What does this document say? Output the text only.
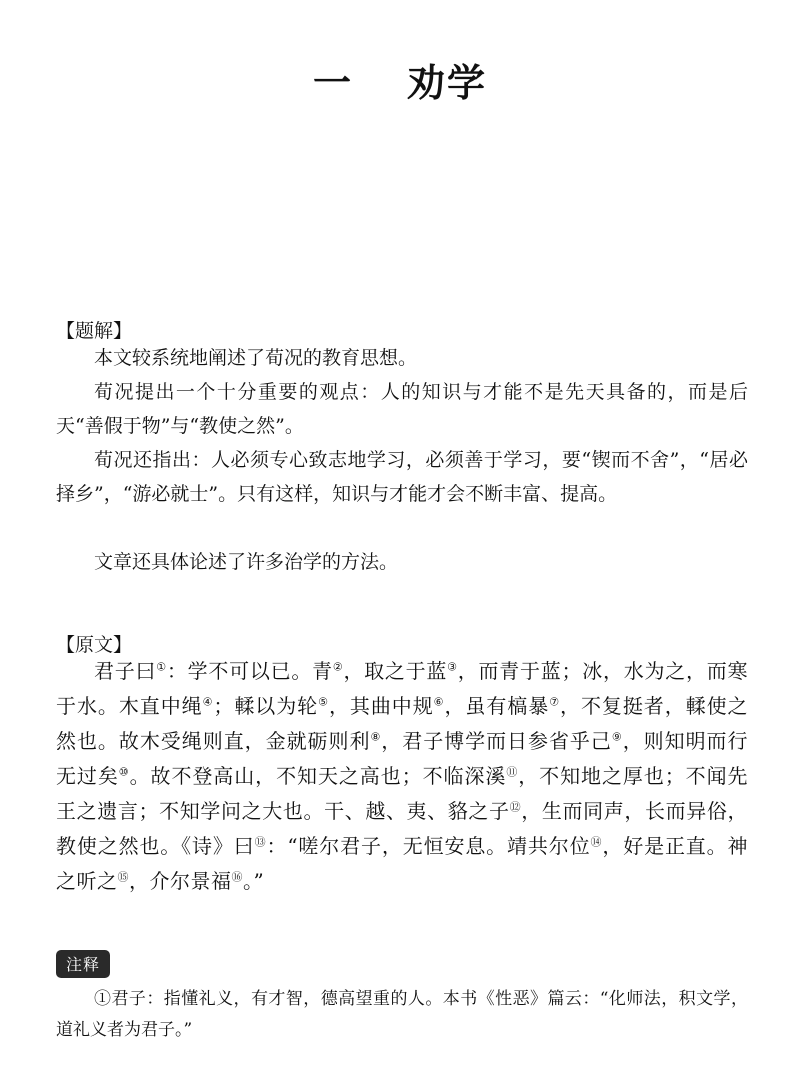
一 劝学
【题解】

本文较系统地阐述了荀况的教育思想。

荀况提出一个十分重要的观点：人的知识与才能不是先天具备的，而是后天“善假于物”与“教使之然”。

荀况还指出：人必须专心致志地学习，必须善于学习，要“锲而不舍”，“居必择乡”，“游必就士”。只有这样，知识与才能才会不断丰富、提高。

文章还具体论述了许多治学的方法。

【原文】

君子曰①：学不可以已。青②，取之于蓝③，而青于蓝；冰，水为之，而寒于水。木直中绳④；輮以为轮⑤，其曲中规⑥，虽有槁暴⑦，不复挺者，輮使之然也。故木受绳则直，金就砺则利⑧，君子博学而日参省乎己⑨，则知明而行无过矣⑩。故不登高山，不知天之高也；不临深溪⑪，不知地之厚也；不闻先王之遗言；不知学问之大也。干、越、夷、貉之子⑫，生而同声，长而异俗，教使之然也。《诗》曰⑬：“嗟尔君子，无恒安息。靖共尔位⑭，好是正直。神之听之⑮，介尔景福⑯。”

注释

①君子：指懂礼义，有才智，德高望重的人。本书《性恶》篇云：“化师法，积文学，道礼义者为君子。”
